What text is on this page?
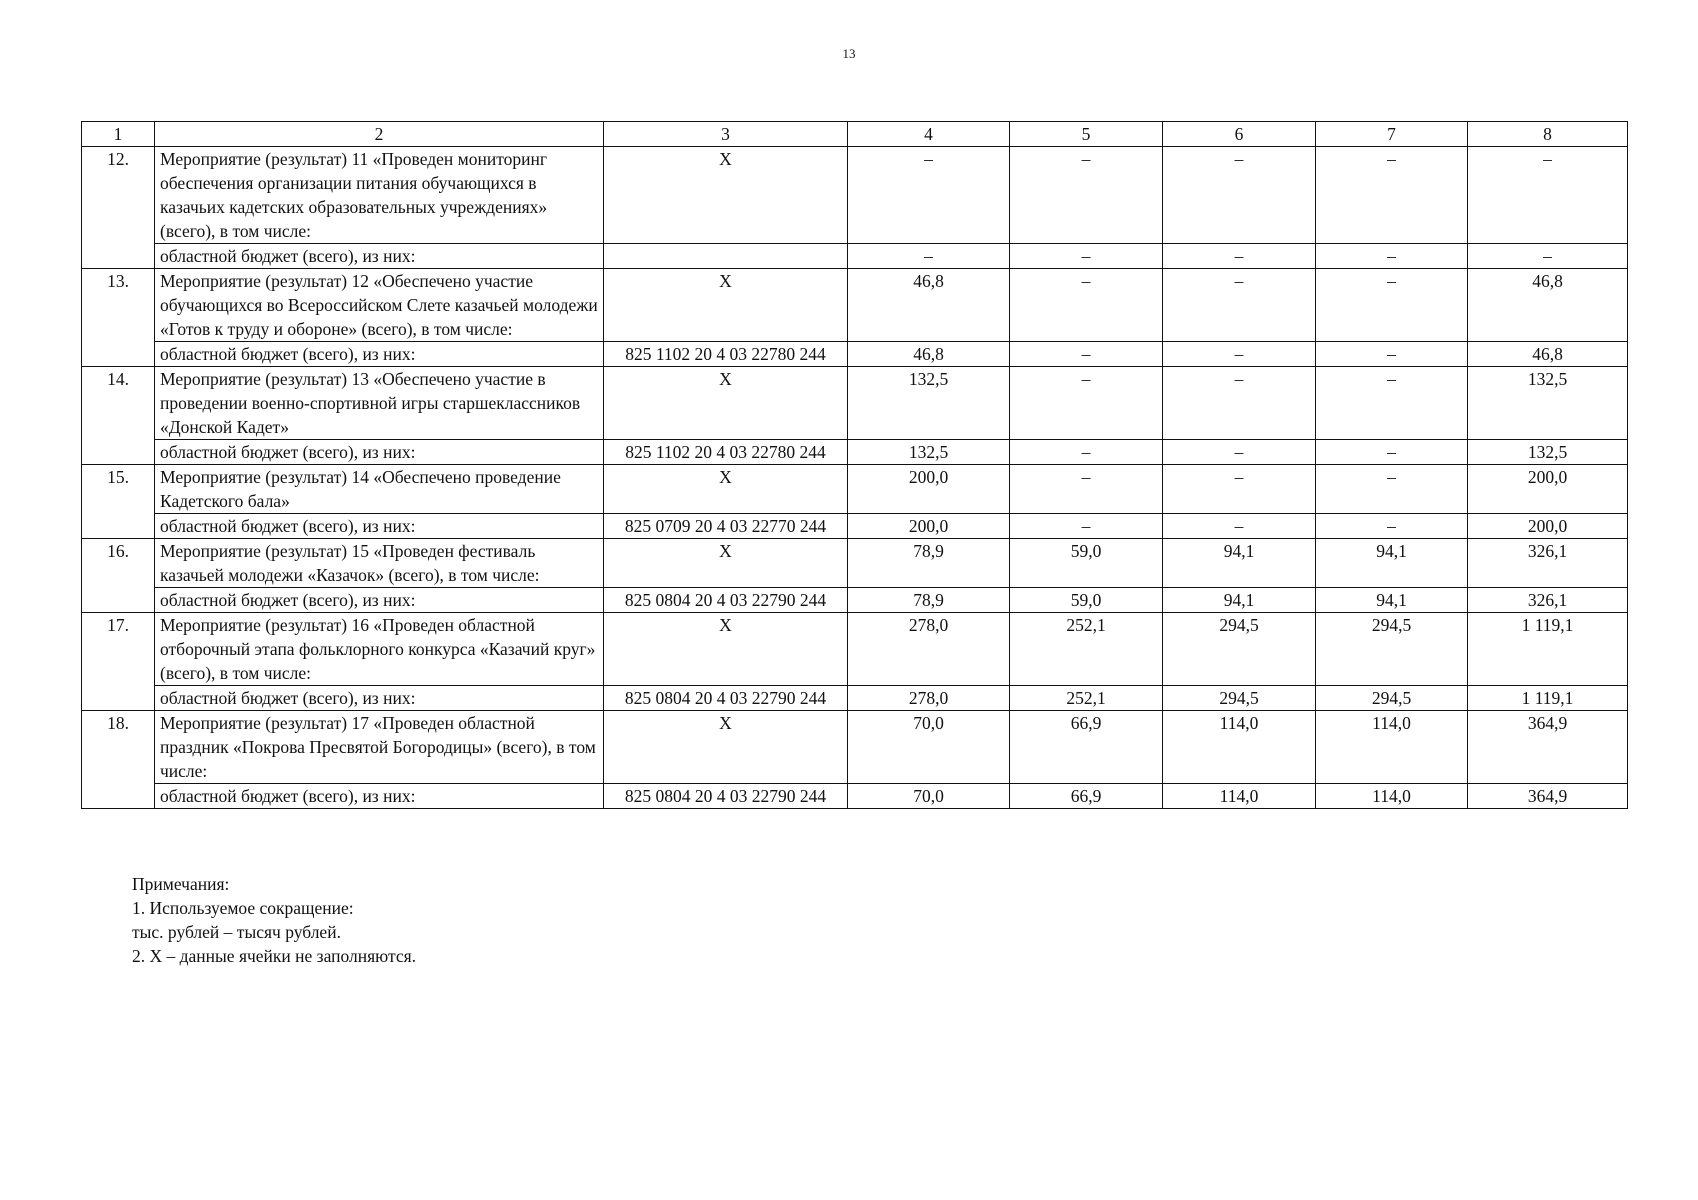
13
1	2	3	4	5	6	7	8
12.	Мероприятие (результат) 11 «Проведен мониторинг обеспечения организации питания обучающихся в казачьих кадетских образовательных учреждениях» (всего), в том числе:	X	–	–	–	–	–
	областной бюджет (всего), из них:		–	–	–	–	–
13.	Мероприятие (результат) 12 «Обеспечено участие обучающихся во Всероссийском Слете казачьей молодежи «Готов к труду и обороне» (всего), в том числе:	X	46,8	–	–	–	46,8
	областной бюджет (всего), из них:	825 1102 20 4 03 22780 244	46,8	–	–	–	46,8
14.	Мероприятие (результат) 13 «Обеспечено участие в проведении военно-спортивной игры старшеклассников «Донской Кадет»	X	132,5	–	–	–	132,5
	областной бюджет (всего), из них:	825 1102 20 4 03 22780 244	132,5	–	–	–	132,5
15.	Мероприятие (результат) 14 «Обеспечено проведение Кадетского бала»	X	200,0	–	–	–	200,0
	областной бюджет (всего), из них:	825 0709 20 4 03 22770 244	200,0	–	–	–	200,0
16.	Мероприятие (результат) 15 «Проведен фестиваль казачьей молодежи «Казачок» (всего), в том числе:	X	78,9	59,0	94,1	94,1	326,1
	областной бюджет (всего), из них:	825 0804 20 4 03 22790 244	78,9	59,0	94,1	94,1	326,1
17.	Мероприятие (результат) 16 «Проведен областной отборочный этапа фольклорного конкурса «Казачий круг» (всего), в том числе:	X	278,0	252,1	294,5	294,5	1 119,1
	областной бюджет (всего), из них:	825 0804 20 4 03 22790 244	278,0	252,1	294,5	294,5	1 119,1
18.	Мероприятие (результат) 17 «Проведен областной праздник «Покрова Пресвятой Богородицы» (всего), в том числе:	X	70,0	66,9	114,0	114,0	364,9
	областной бюджет (всего), из них:	825 0804 20 4 03 22790 244	70,0	66,9	114,0	114,0	364,9
Примечания:
1. Используемое сокращение:
тыс. рублей – тысяч рублей.
2. X – данные ячейки не заполняются.
